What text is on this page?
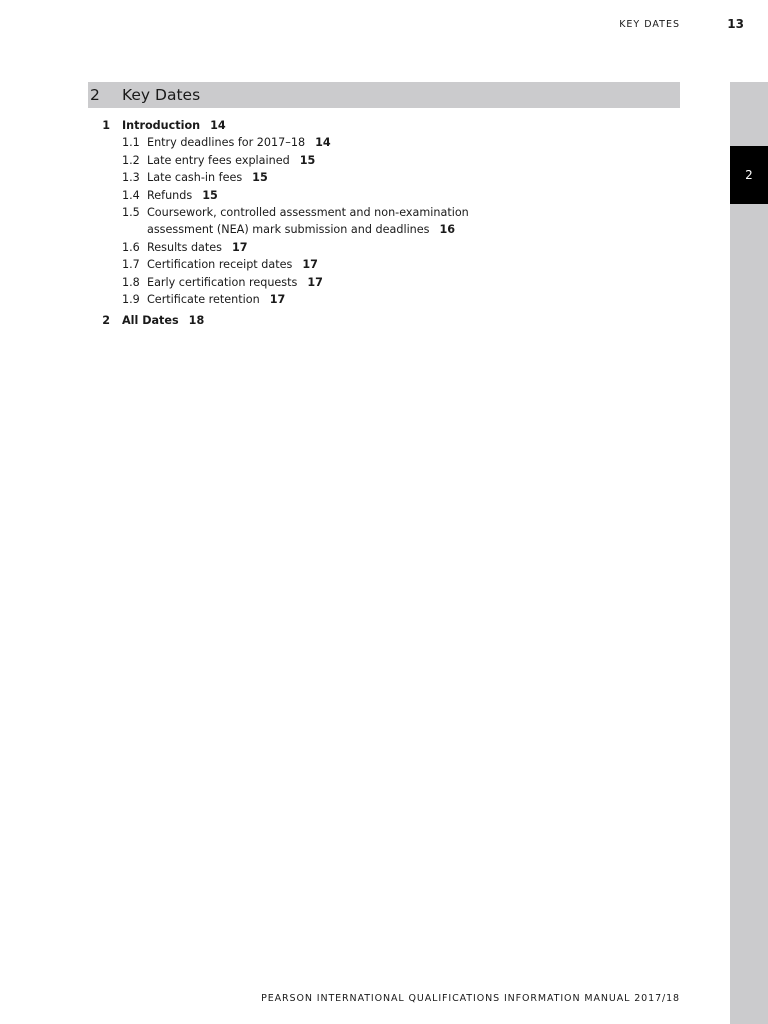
KEY DATES	13
2
2 Key Dates
1	Introduction 14
1.1 Entry deadlines for 2017–18 14
1.2 Late entry fees explained 15
1.3 Late cash-in fees 15
1.4 Refunds 15
1.5 Coursework, controlled assessment and non-examination assessment (NEA) mark submission and deadlines 16
1.6 Results dates 17
1.7 Certification receipt dates 17
1.8 Early certification requests 17
1.9 Certificate retention 17
2	All Dates 18
PEARSON INTERNATIONAL QUALIFICATIONS INFORMATION MANUAL 2017/18
